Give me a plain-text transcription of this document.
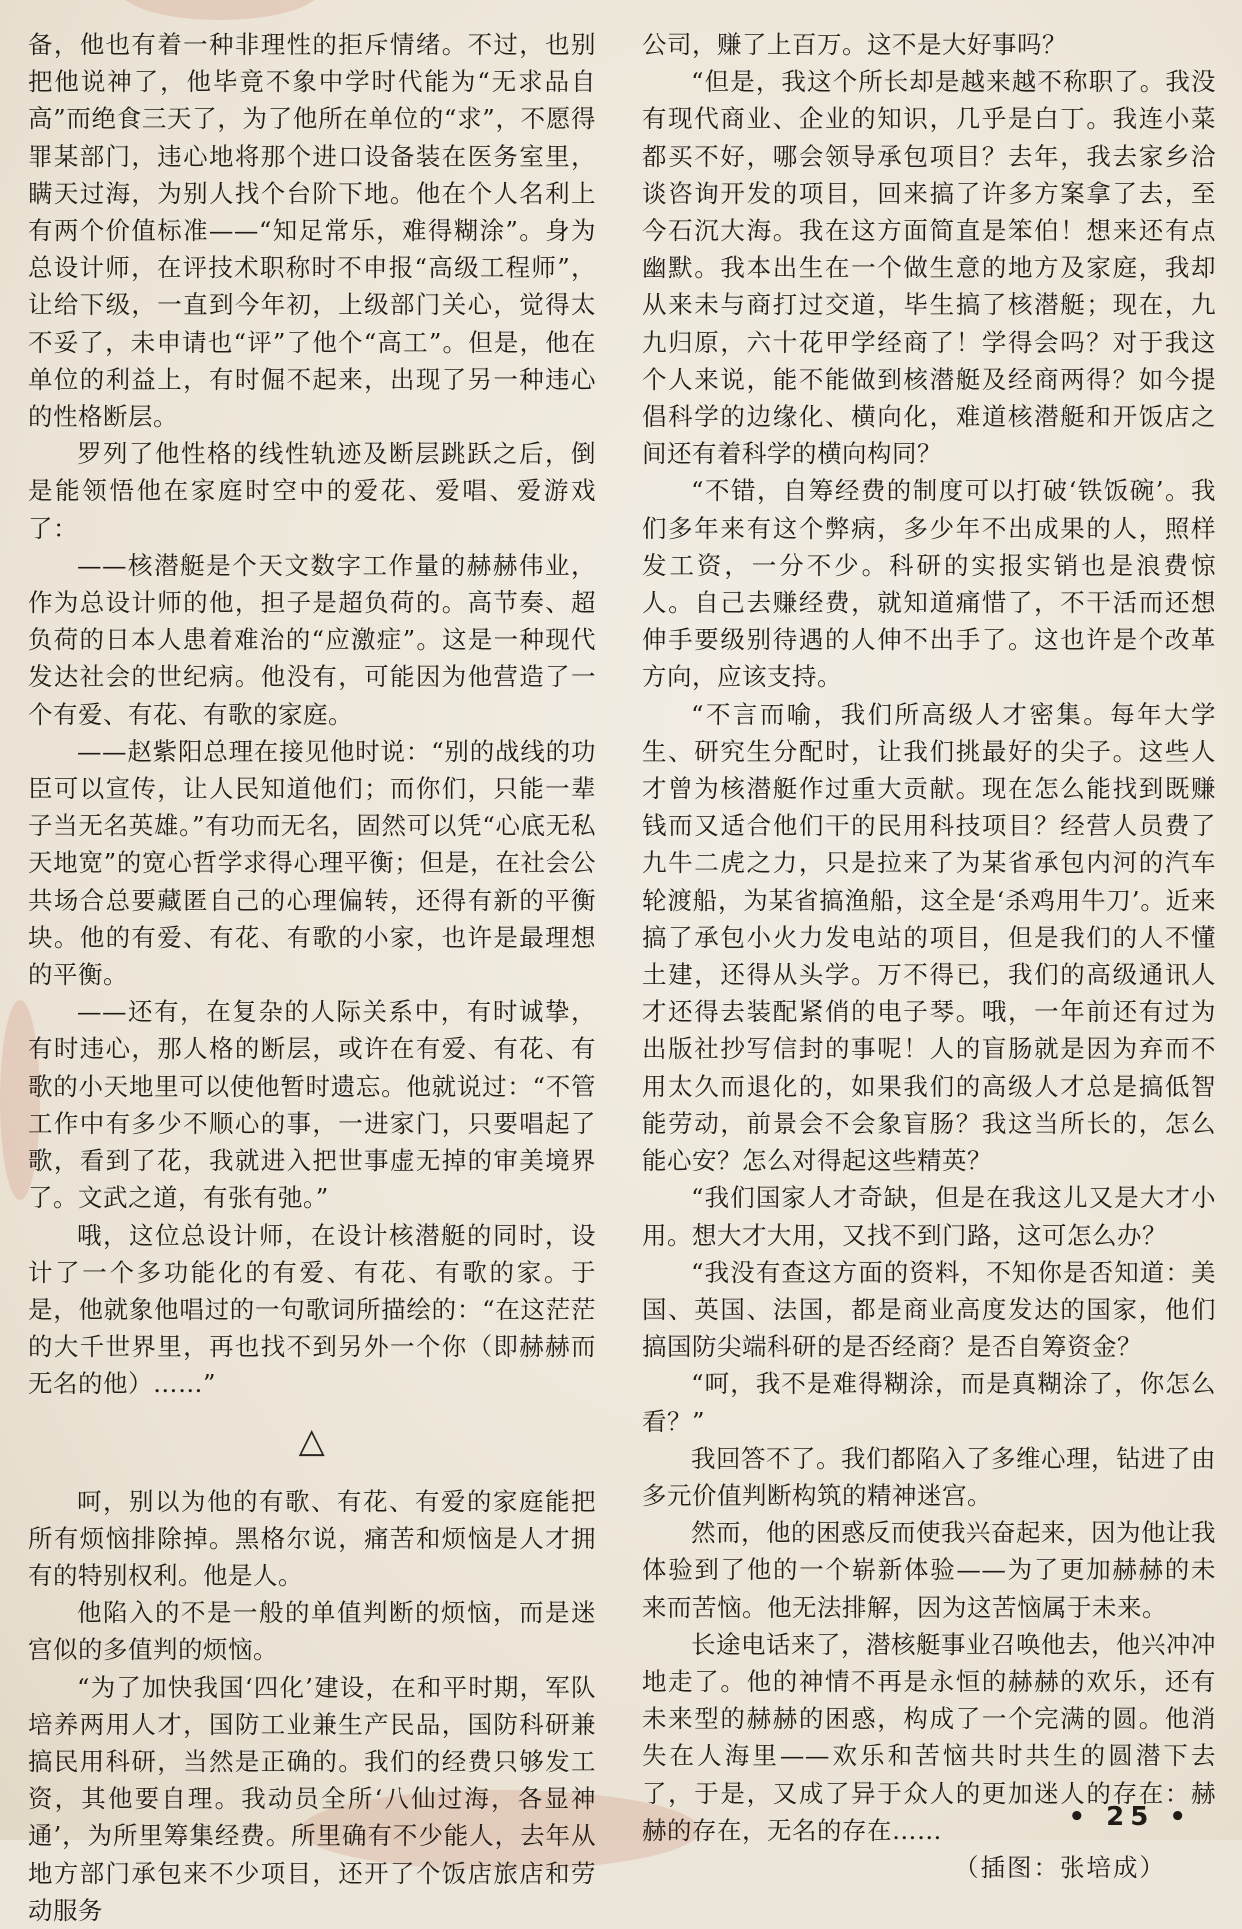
备，他也有着一种非理性的拒斥情绪。不过，也别把他说神了，他毕竟不象中学时代能为“无求品自高”而绝食三天了，为了他所在单位的“求”，不愿得罪某部门，违心地将那个进口设备装在医务室里，瞒天过海，为别人找个台阶下地。他在个人名利上有两个价值标准——“知足常乐，难得糊涂”。身为总设计师，在评技术职称时不申报“高级工程师”，让给下级，一直到今年初，上级部门关心，觉得太不妥了，未申请也“评”了他个“高工”。但是，他在单位的利益上，有时倔不起来，出现了另一种违心的性格断层。

罗列了他性格的线性轨迹及断层跳跃之后，倒是能领悟他在家庭时空中的爱花、爱唱、爱游戏了：

——核潜艇是个天文数字工作量的赫赫伟业，作为总设计师的他，担子是超负荷的。高节奏、超负荷的日本人患着难治的“应激症”。这是一种现代发达社会的世纪病。他没有，可能因为他营造了一个有爱、有花、有歌的家庭。

——赵紫阳总理在接见他时说：“别的战线的功臣可以宣传，让人民知道他们；而你们，只能一辈子当无名英雄。”有功而无名，固然可以凭“心底无私天地宽”的宽心哲学求得心理平衡；但是，在社会公共场合总要藏匿自己的心理偏转，还得有新的平衡块。他的有爱、有花、有歌的小家，也许是最理想的平衡。

——还有，在复杂的人际关系中，有时诚挚，有时违心，那人格的断层，或许在有爱、有花、有歌的小天地里可以使他暂时遗忘。他就说过：“不管工作中有多少不顺心的事，一进家门，只要唱起了歌，看到了花，我就进入把世事虚无掉的审美境界了。文武之道，有张有弛。”

哦，这位总设计师，在设计核潜艇的同时，设计了一个多功能化的有爱、有花、有歌的家。于是，他就象他唱过的一句歌词所描绘的：“在这茫茫的大千世界里，再也找不到另外一个你（即赫赫而无名的他）……”

△

呵，别以为他的有歌、有花、有爱的家庭能把所有烦恼排除掉。黑格尔说，痛苦和烦恼是人才拥有的特别权利。他是人。

他陷入的不是一般的单值判断的烦恼，而是迷宫似的多值判的烦恼。

“为了加快我国‘四化’建设，在和平时期，军队培养两用人才，国防工业兼生产民品，国防科研兼搞民用科研，当然是正确的。我们的经费只够发工资，其他要自理。我动员全所‘八仙过海，各显神通’，为所里筹集经费。所里确有不少能人，去年从地方部门承包来不少项目，还开了个饭店旅店和劳动服务

公司，赚了上百万。这不是大好事吗？

“但是，我这个所长却是越来越不称职了。我没有现代商业、企业的知识，几乎是白丁。我连小菜都买不好，哪会领导承包项目？去年，我去家乡洽谈咨询开发的项目，回来搞了许多方案拿了去，至今石沉大海。我在这方面简直是笨伯！想来还有点幽默。我本出生在一个做生意的地方及家庭，我却从来未与商打过交道，毕生搞了核潜艇；现在，九九归原，六十花甲学经商了！学得会吗？对于我这个人来说，能不能做到核潜艇及经商两得？如今提倡科学的边缘化、横向化，难道核潜艇和开饭店之间还有着科学的横向构同？

“不错，自筹经费的制度可以打破‘铁饭碗’。我们多年来有这个弊病，多少年不出成果的人，照样发工资，一分不少。科研的实报实销也是浪费惊人。自己去赚经费，就知道痛惜了，不干活而还想伸手要级别待遇的人伸不出手了。这也许是个改革方向，应该支持。

“不言而喻，我们所高级人才密集。每年大学生、研究生分配时，让我们挑最好的尖子。这些人才曾为核潜艇作过重大贡献。现在怎么能找到既赚钱而又适合他们干的民用科技项目？经营人员费了九牛二虎之力，只是拉来了为某省承包内河的汽车轮渡船，为某省搞渔船，这全是‘杀鸡用牛刀’。近来搞了承包小火力发电站的项目，但是我们的人不懂土建，还得从头学。万不得已，我们的高级通讯人才还得去装配紧俏的电子琴。哦，一年前还有过为出版社抄写信封的事呢！人的盲肠就是因为弃而不用太久而退化的，如果我们的高级人才总是搞低智能劳动，前景会不会象盲肠？我这当所长的，怎么能心安？怎么对得起这些精英？

“我们国家人才奇缺，但是在我这儿又是大才小用。想大才大用，又找不到门路，这可怎么办？

“我没有查这方面的资料，不知你是否知道：美国、英国、法国，都是商业高度发达的国家，他们搞国防尖端科研的是否经商？是否自筹资金？

“呵，我不是难得糊涂，而是真糊涂了，你怎么看？”

我回答不了。我们都陷入了多维心理，钻进了由多元价值判断构筑的精神迷宫。

然而，他的困惑反而使我兴奋起来，因为他让我体验到了他的一个崭新体验——为了更加赫赫的未来而苦恼。他无法排解，因为这苦恼属于未来。

长途电话来了，潜核艇事业召唤他去，他兴冲冲地走了。他的神情不再是永恒的赫赫的欢乐，还有未来型的赫赫的困惑，构成了一个完满的圆。他消失在人海里——欢乐和苦恼共时共生的圆潜下去了，于是，又成了异于众人的更加迷人的存在：赫赫的存在，无名的存在……
（插图：张培成）

• 25 •
